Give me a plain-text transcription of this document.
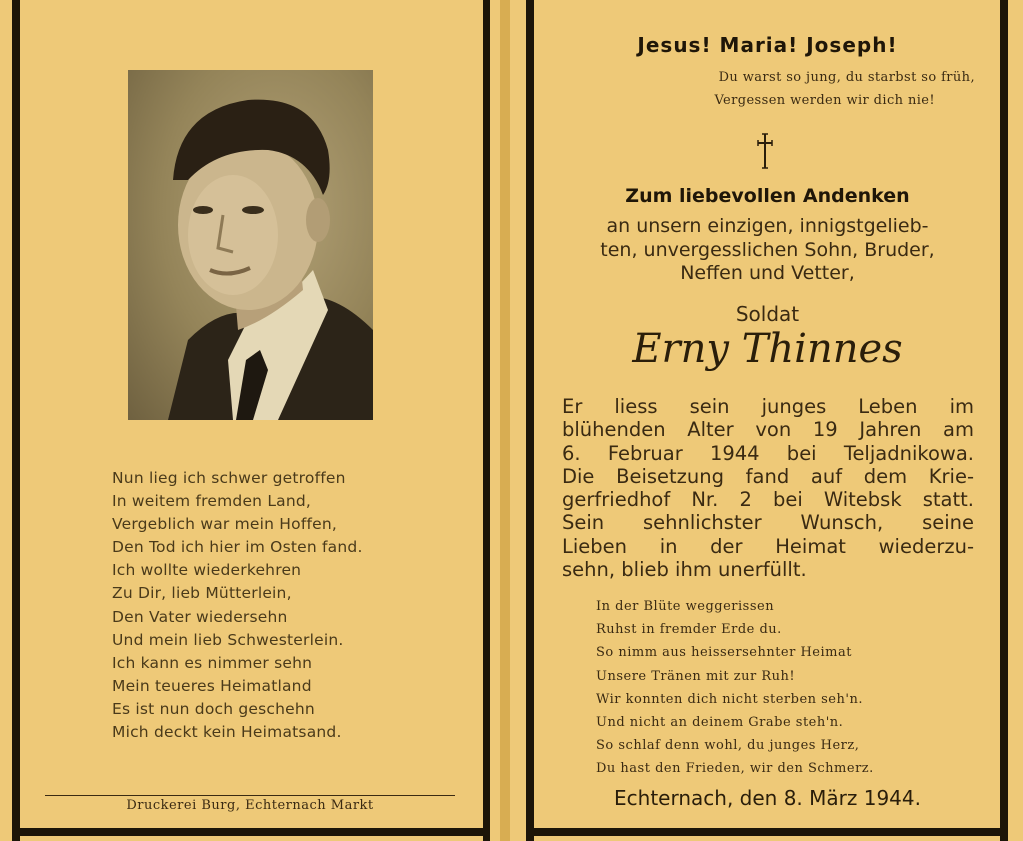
Nun lieg ich schwer getroffen
In weitem fremden Land,
Vergeblich war mein Hoffen,
Den Tod ich hier im Osten fand.
Ich wollte wiederkehren
Zu Dir, lieb Mütterlein,
Den Vater wiedersehn
Und mein lieb Schwesterlein.
Ich kann es nimmer sehn
Mein teueres Heimatland
Es ist nun doch geschehn
Mich deckt kein Heimatsand.
Druckerei Burg, Echternach Markt
Jesus! Maria! Joseph!
Du warst so jung, du starbst so früh,
Vergessen werden wir dich nie!
Zum liebevollen Andenken
an unsern einzigen, innigstgelieb-
ten, unvergesslichen Sohn, Bruder,
Neffen und Vetter,
Soldat
Erny Thinnes
Er liess sein junges Leben im
blühenden Alter von 19 Jahren am
6. Februar 1944 bei Teljadnikowa.
Die Beisetzung fand auf dem Krie-
gerfriedhof Nr. 2 bei Witebsk statt.
Sein sehnlichster Wunsch, seine
Lieben in der Heimat wiederzu-
sehn, blieb ihm unerfüllt.
In der Blüte weggerissen
Ruhst in fremder Erde du.
So nimm aus heissersehnter Heimat
Unsere Tränen mit zur Ruh!
Wir konnten dich nicht sterben seh'n.
Und nicht an deinem Grabe steh'n.
So schlaf denn wohl, du junges Herz,
Du hast den Frieden, wir den Schmerz.
Echternach, den 8. März 1944.
